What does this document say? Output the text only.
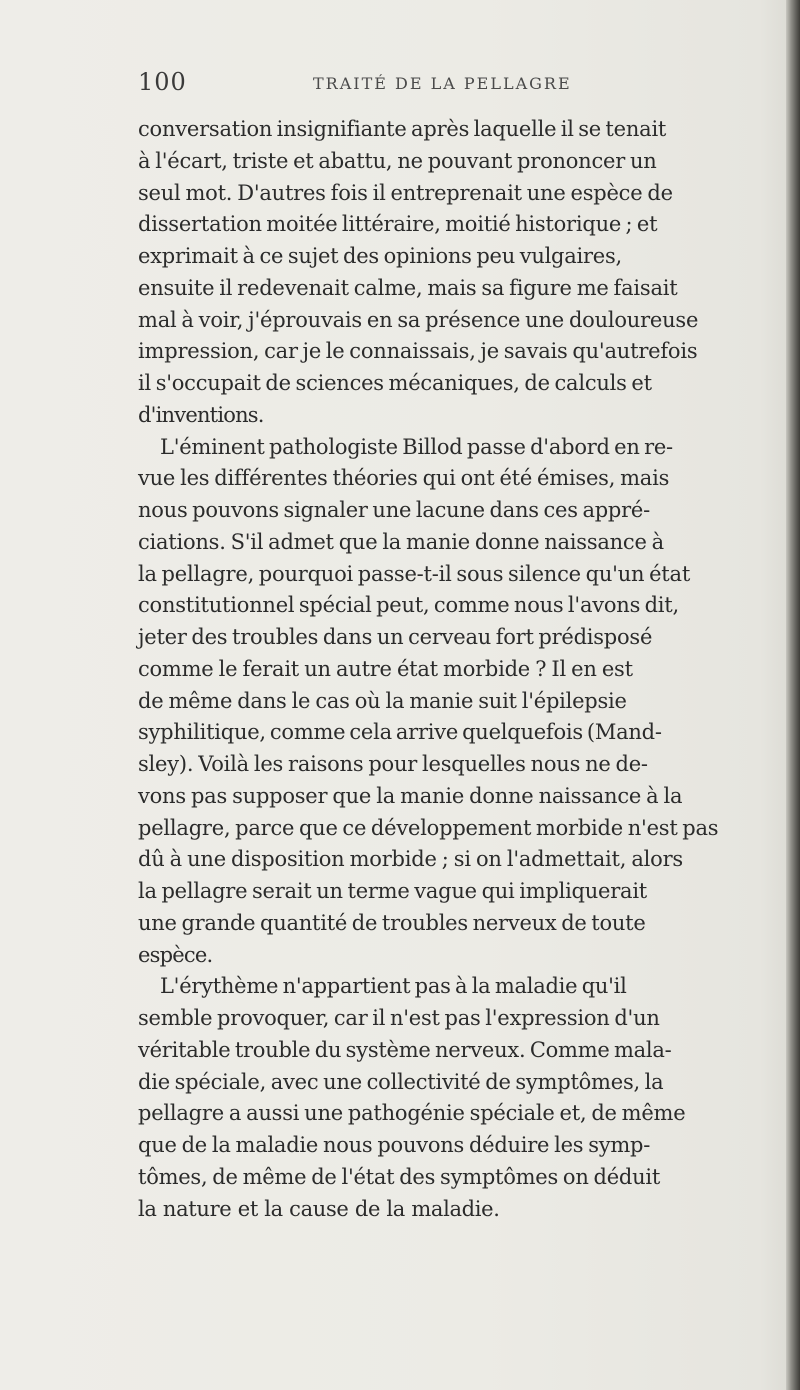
100	TRAITÉ DE LA PELLAGRE
conversation insignifiante après laquelle il se tenait
à l'écart, triste et abattu, ne pouvant prononcer un
seul mot. D'autres fois il entreprenait une espèce de
dissertation moitée littéraire, moitié historique ; et
exprimait à ce sujet des opinions peu vulgaires,
ensuite il redevenait calme, mais sa figure me faisait
mal à voir, j'éprouvais en sa présence une douloureuse
impression, car je le connaissais, je savais qu'autrefois
il s'occupait de sciences mécaniques, de calculs et
d'inventions.
L'éminent pathologiste Billod passe d'abord en re-
vue les différentes théories qui ont été émises, mais
nous pouvons signaler une lacune dans ces appré-
ciations. S'il admet que la manie donne naissance à
la pellagre, pourquoi passe-t-il sous silence qu'un état
constitutionnel spécial peut, comme nous l'avons dit,
jeter des troubles dans un cerveau fort prédisposé
comme le ferait un autre état morbide ? Il en est
de même dans le cas où la manie suit l'épilepsie
syphilitique, comme cela arrive quelquefois (Mand-
sley). Voilà les raisons pour lesquelles nous ne de-
vons pas supposer que la manie donne naissance à la
pellagre, parce que ce développement morbide n'est pas
dû à une disposition morbide ; si on l'admettait, alors
la pellagre serait un terme vague qui impliquerait
une grande quantité de troubles nerveux de toute
espèce.
L'érythème n'appartient pas à la maladie qu'il
semble provoquer, car il n'est pas l'expression d'un
véritable trouble du système nerveux. Comme mala-
die spéciale, avec une collectivité de symptômes, la
pellagre a aussi une pathogénie spéciale et, de même
que de la maladie nous pouvons déduire les symp-
tômes, de même de l'état des symptômes on déduit
la nature et la cause de la maladie.
